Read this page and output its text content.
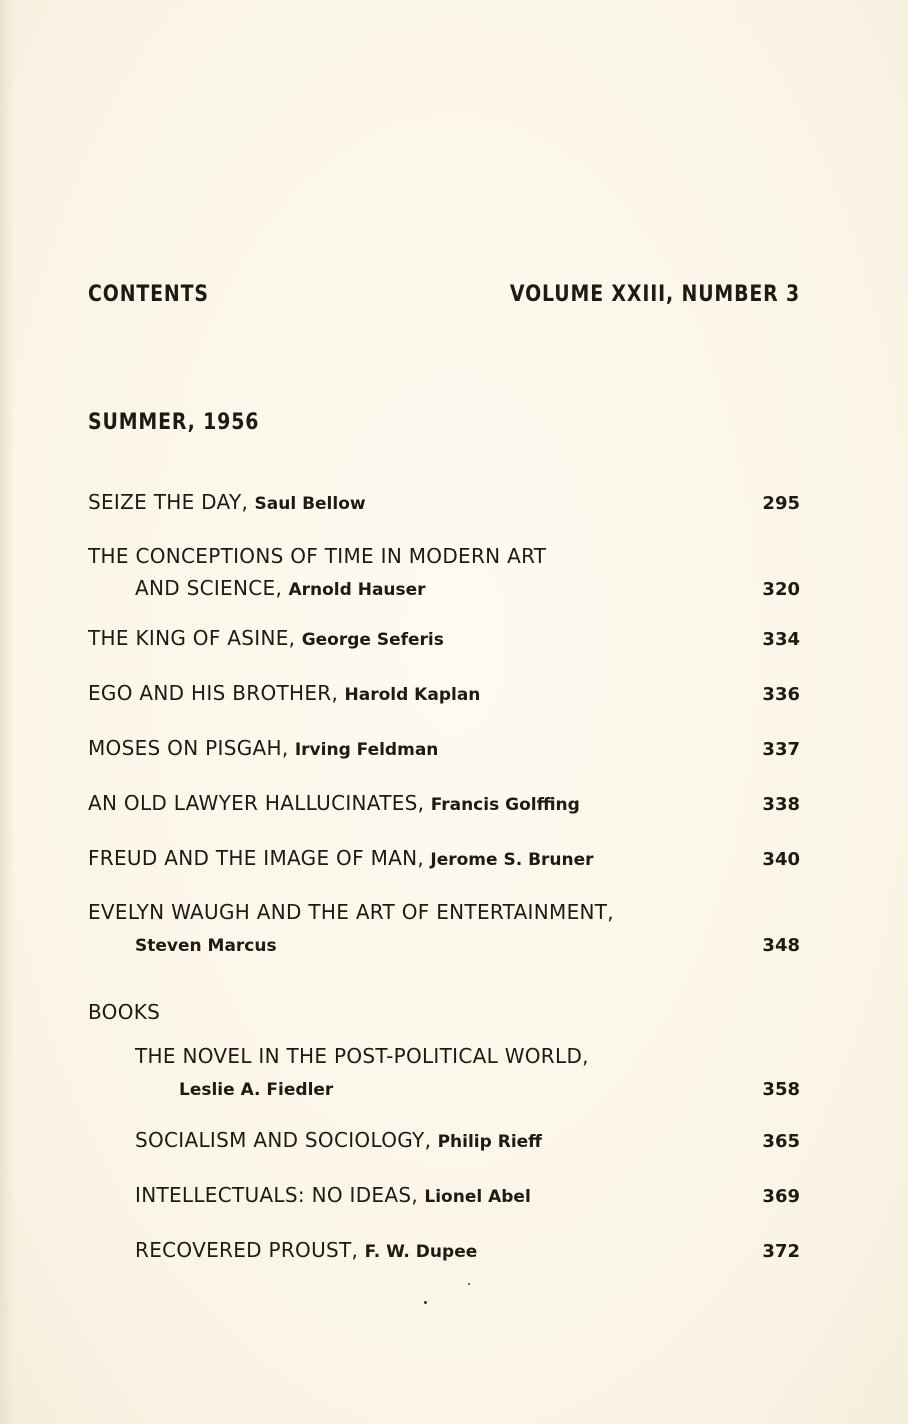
CONTENTS	VOLUME XXIII, NUMBER 3
SUMMER, 1956
SEIZE THE DAY, Saul Bellow	295
THE CONCEPTIONS OF TIME IN MODERN ART
AND SCIENCE, Arnold Hauser	320
THE KING OF ASINE, George Seferis	334
EGO AND HIS BROTHER, Harold Kaplan	336
MOSES ON PISGAH, Irving Feldman	337
AN OLD LAWYER HALLUCINATES, Francis Golffing	338
FREUD AND THE IMAGE OF MAN, Jerome S. Bruner	340
EVELYN WAUGH AND THE ART OF ENTERTAINMENT,
Steven Marcus	348
BOOKS
THE NOVEL IN THE POST-POLITICAL WORLD,
Leslie A. Fiedler	358
SOCIALISM AND SOCIOLOGY, Philip Rieff	365
INTELLECTUALS: NO IDEAS, Lionel Abel	369
RECOVERED PROUST, F. W. Dupee	372
